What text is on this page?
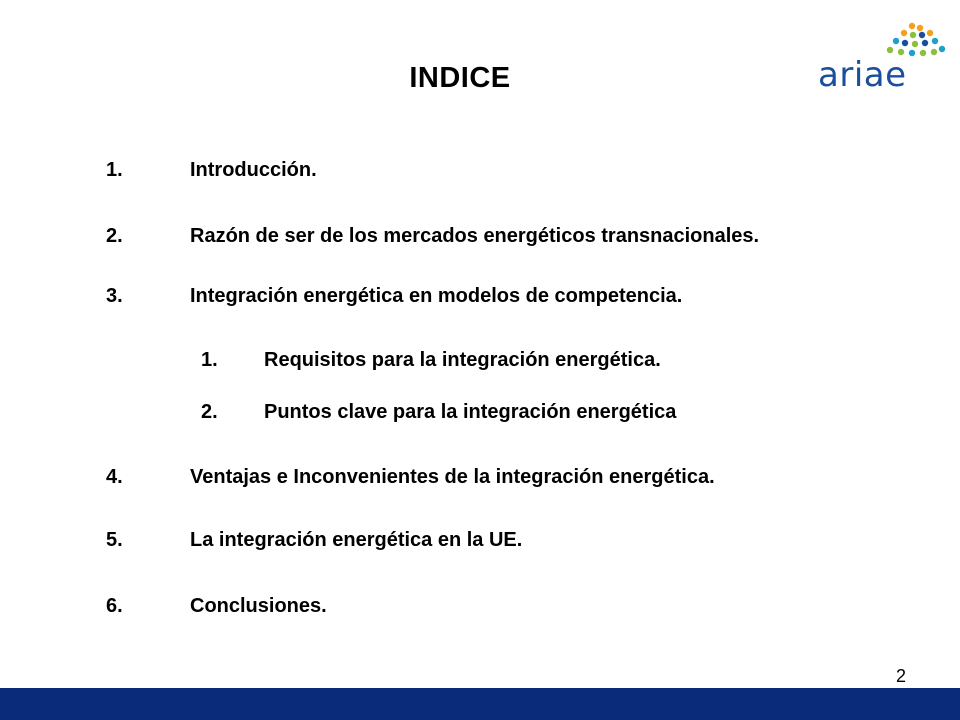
INDICE	ariae
1.	Introducción.
2.	Razón de ser de los mercados energéticos transnacionales.
3.	Integración energética en modelos de competencia.
1. Requisitos para la integración energética.
2. Puntos clave para la integración energética
4.	Ventajas e Inconvenientes de la integración energética.
5.	La integración energética en la UE.
6.	Conclusiones.
2
